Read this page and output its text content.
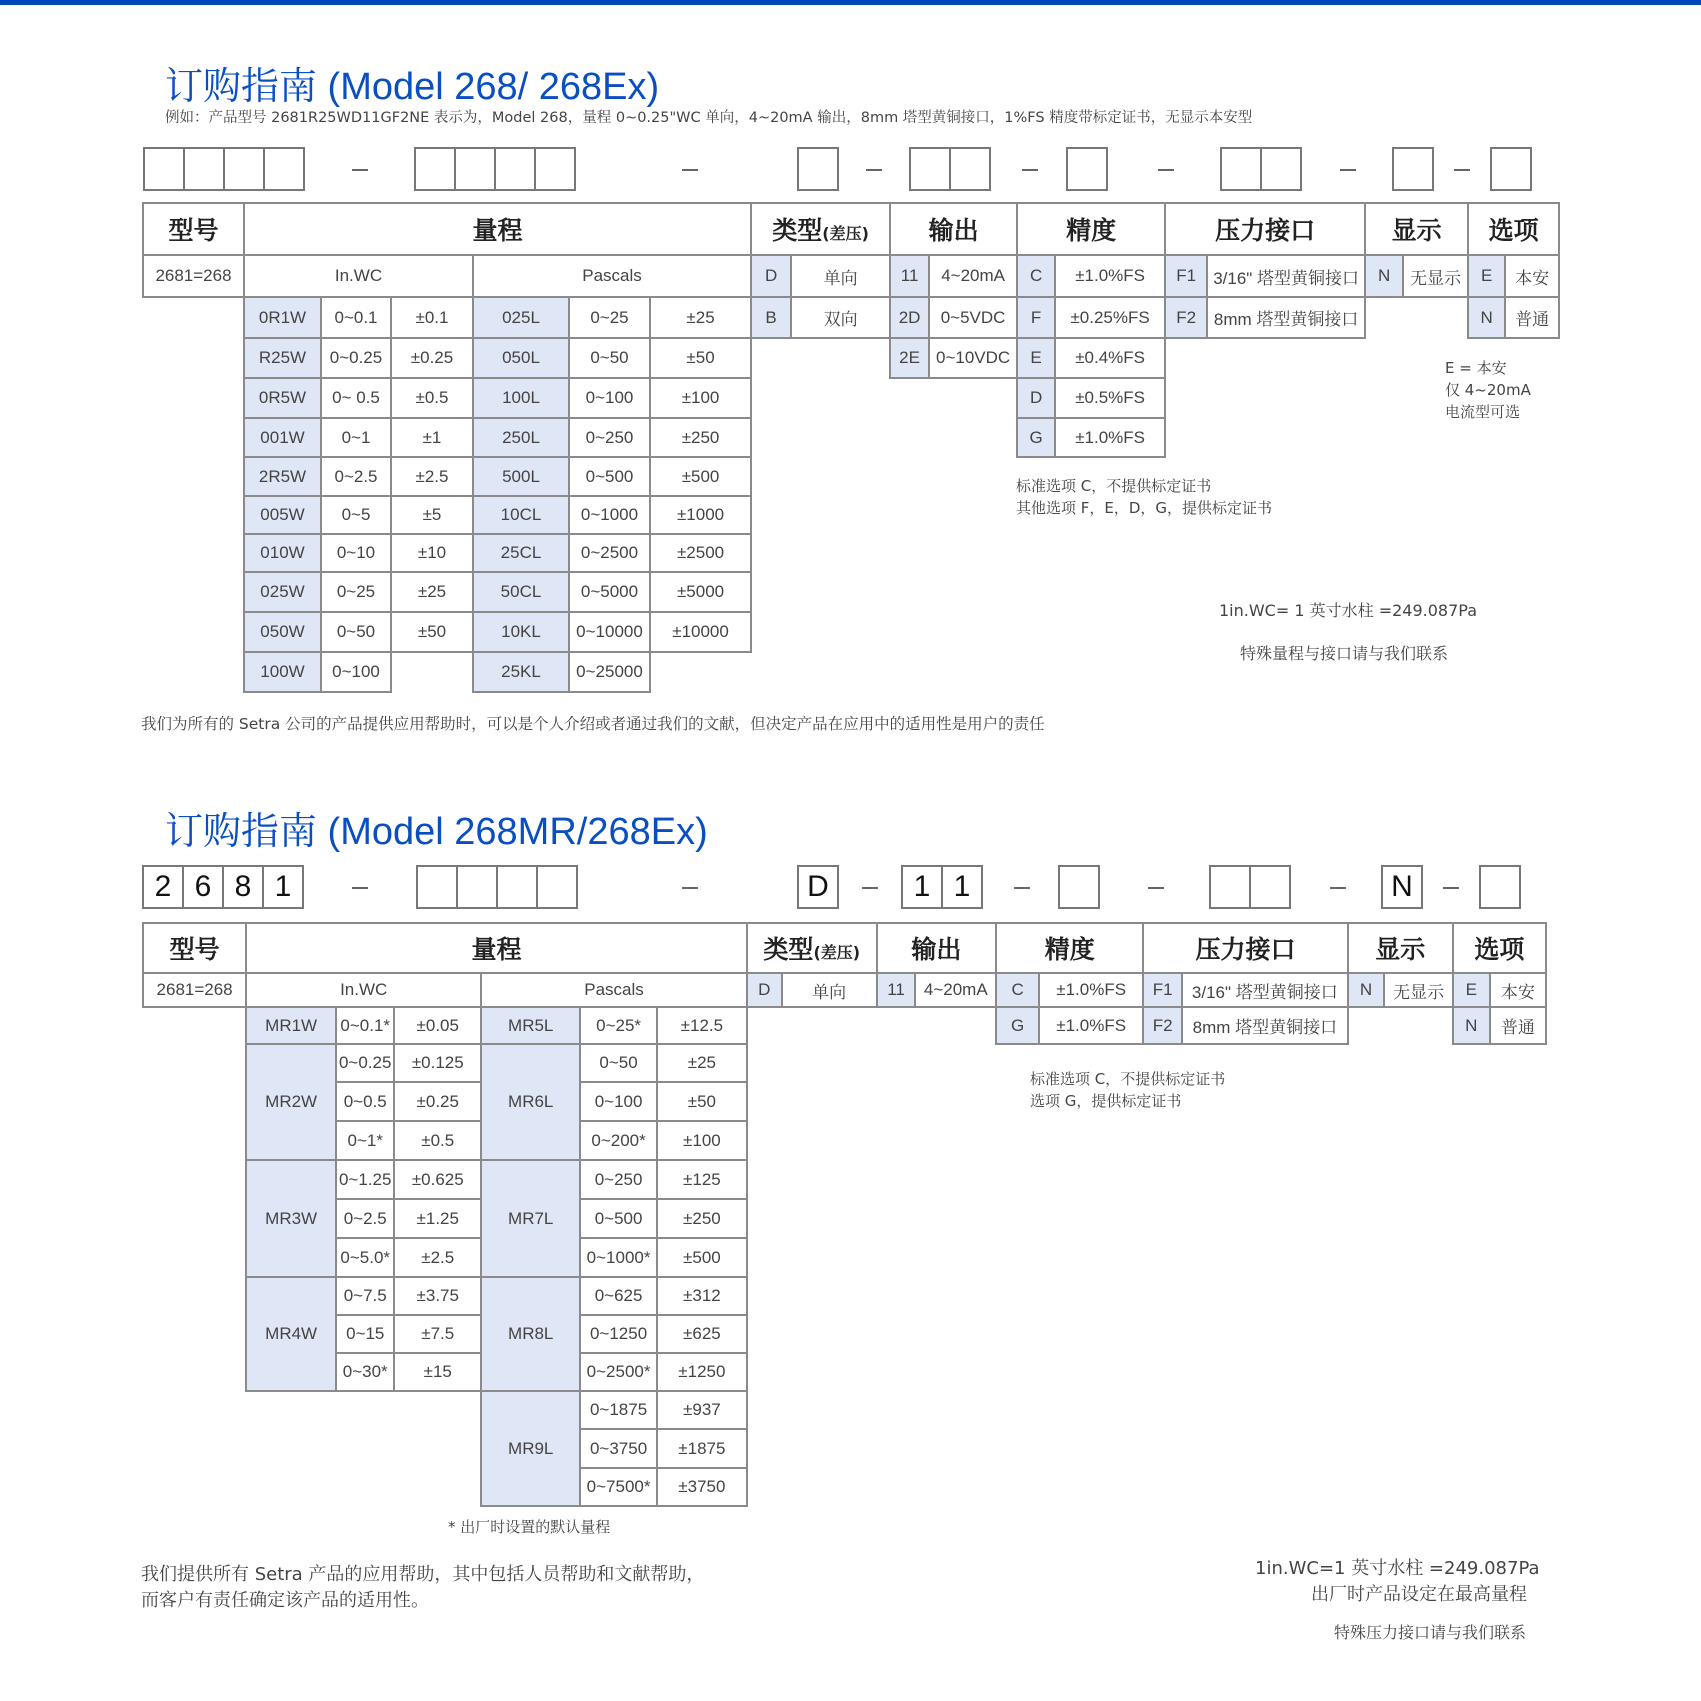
订购指南 (Model 268/ 268Ex)
例如：产品型号 2681R25WD11GF2NE 表示为，Model 268，量程 0~0.25"WC 单向，4~20mA 输出，8mm 塔型黄铜接口，1%FS 精度带标定证书，无显示本安型
型号	量程						类型(差压)		输出		精度		压力接口		显示		选项	
2681=268	In.WC			Pascals			D	单向	11	4~20mA	C	±1.0%FS	F1	3/16" 塔型黄铜接口	N	无显示	E	本安
	0R1W	0~0.1	±0.1	025L	0~25	±25	B	双向	2D	0~5VDC	F	±0.25%FS	F2	8mm 塔型黄铜接口			N	普通
	R25W	0~0.25	±0.25	050L	0~50	±50			2E	0~10VDC	E	±0.4%FS						
	0R5W	0~ 0.5	±0.5	100L	0~100	±100					D	±0.5%FS						
	001W	0~1	±1	250L	0~250	±250					G	±1.0%FS						
	2R5W	0~2.5	±2.5	500L	0~500	±500												
	005W	0~5	±5	10CL	0~1000	±1000												
	010W	0~10	±10	25CL	0~2500	±2500												
	025W	0~25	±25	50CL	0~5000	±5000												
	050W	0~50	±50	10KL	0~10000	±10000												
	100W	0~100		25KL	0~25000													
E = 本安
仅 4~20mA
电流型可选
标准选项 C，不提供标定证书
其他选项 F，E，D，G，提供标定证书
1in.WC= 1 英寸水柱 =249.087Pa
特殊量程与接口请与我们联系
我们为所有的 Setra 公司的产品提供应用帮助时，可以是个人介绍或者通过我们的文献，但决定产品在应用中的适用性是用户的责任
订购指南 (Model 268MR/268Ex)
2 6 8 1	D	1 1	N
型号	量程						类型(差压)		输出		精度		压力接口		显示		选项	
2681=268	In.WC			Pascals			D	单向	11	4~20mA	C	±1.0%FS	F1	3/16" 塔型黄铜接口	N	无显示	E	本安
	MR1W	0~0.1*	±0.05	MR5L	0~25*	±12.5					G	±1.0%FS	F2	8mm 塔型黄铜接口			N	普通
	MR2W	0~0.25	±0.125	MR6L	0~50	±25												
		0~0.5	±0.25		0~100	±50												
		0~1*	±0.5		0~200*	±100												
	MR3W	0~1.25	±0.625	MR7L	0~250	±125												
		0~2.5	±1.25		0~500	±250												
		0~5.0*	±2.5		0~1000*	±500												
	MR4W	0~7.5	±3.75	MR8L	0~625	±312												
		0~15	±7.5		0~1250	±625												
		0~30*	±15		0~2500*	±1250												
				MR9L	0~1875	±937												
					0~3750	±1875												
					0~7500*	±3750												
标准选项 C，不提供标定证书
选项 G，提供标定证书
* 出厂时设置的默认量程
我们提供所有 Setra 产品的应用帮助，其中包括人员帮助和文献帮助，
而客户有责任确定该产品的适用性。
1in.WC=1 英寸水柱 =249.087Pa
出厂时产品设定在最高量程
特殊压力接口请与我们联系
